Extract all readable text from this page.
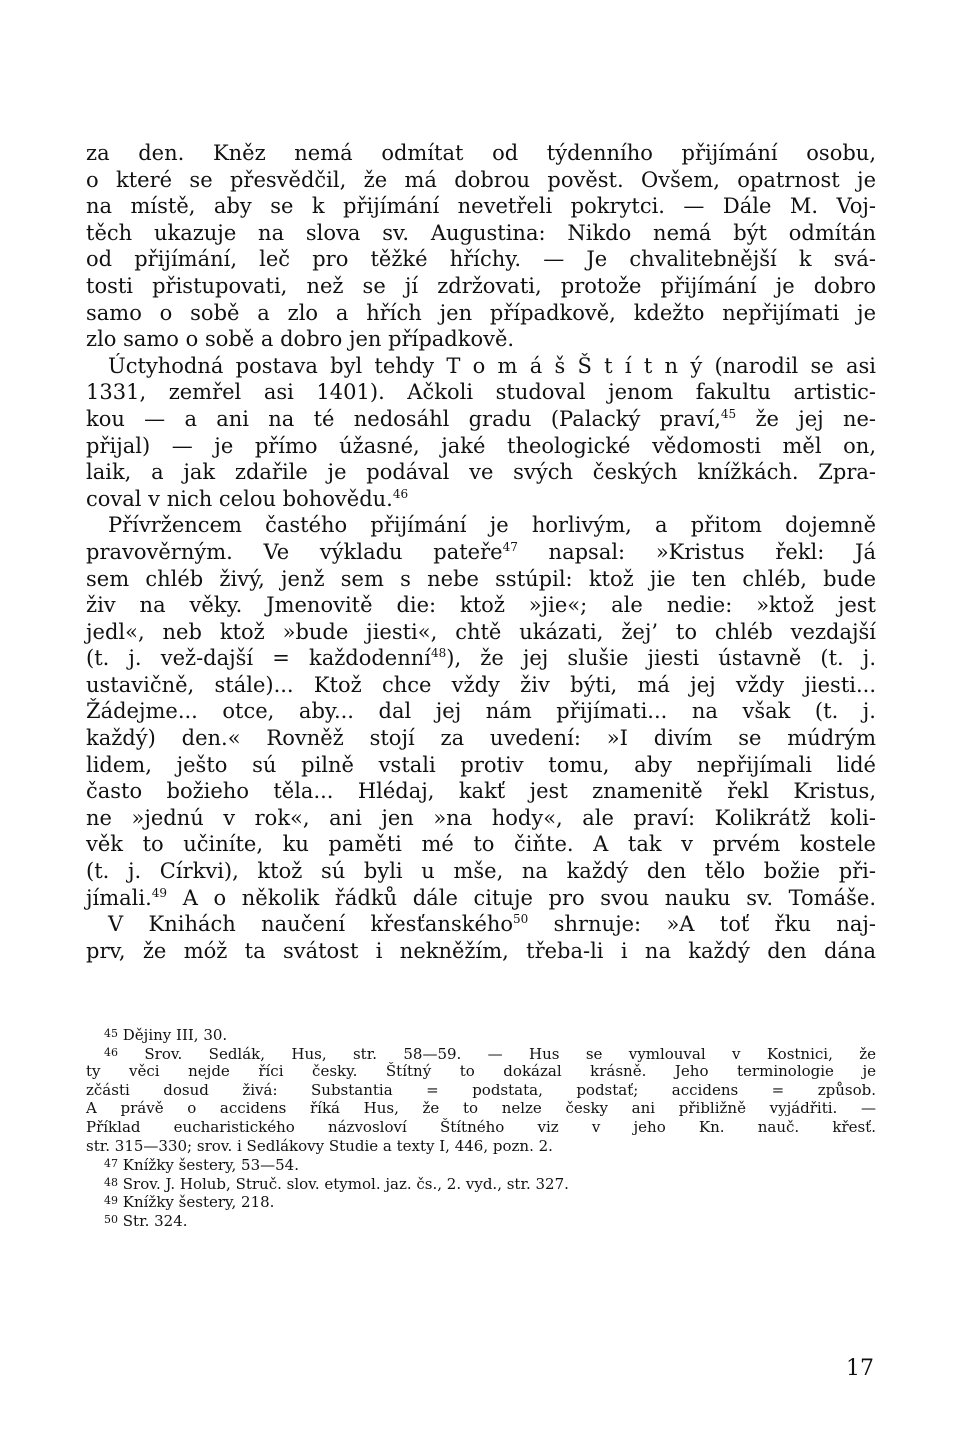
za den. Kněz nemá odmítat od týdenního přijímání osobu,
o které se přesvědčil, že má dobrou pověst. Ovšem, opatrnost je
na místě, aby se k přijímání nevetřeli pokrytci. — Dále M. Voj-
těch ukazuje na slova sv. Augustina: Nikdo nemá být odmítán
od přijímání, leč pro těžké hříchy. — Je chvalitebnější k svá-
tosti přistupovati, než se jí zdržovati, protože přijímání je dobro
samo o sobě a zlo a hřích jen případkově, kdežto nepřijímati je
zlo samo o sobě a dobro jen případkově.
Úctyhodná postava byl tehdy T o m á š Š t í t n ý (narodil se asi
1331, zemřel asi 1401). Ačkoli studoval jenom fakultu artistic-
kou — a ani na té nedosáhl gradu (Palacký praví,$^{45}$ že jej ne-
přijal) — je přímo úžasné, jaké theologické vědomosti měl on,
laik, a jak zdařile je podával ve svých českých knížkách. Zpra-
coval v nich celou bohovědu.$^{46}$
Přívržencem častého přijímání je horlivým, a přitom dojemně
pravověrným. Ve výkladu pateře$^{47}$ napsal: »Kristus řekl: Já
sem chléb živý, jenž sem s nebe sstúpil: ktož jie ten chléb, bude
živ na věky. Jmenovitě die: ktož »jie«; ale nedie: »ktož jest
jedl«, neb ktož »bude jiesti«, chtě ukázati, žej’ to chléb vezdajší
(t. j. vež-dajší = každodenní$^{48}$), že jej slušie jiesti ústavně (t. j.
ustavičně, stále)... Ktož chce vždy živ býti, má jej vždy jiesti...
Žádejme... otce, aby... dal jej nám přijímati... na však (t. j.
každý) den.« Rovněž stojí za uvedení: »I divím se múdrým
lidem, ješto sú pilně vstali protiv tomu, aby nepřijímali lidé
často božieho těla... Hlédaj, kakť jest znamenitě řekl Kristus,
ne »jednú v rok«, ani jen »na hody«, ale praví: Kolikrátž koli-
věk to učiníte, ku paměti mé to čiňte. A tak v prvém kostele
(t. j. Církvi), ktož sú byli u mše, na každý den tělo božie při-
jímali.$^{49}$ A o několik řádků dále cituje pro svou nauku sv. Tomáše.
V Knihách naučení křesťanského$^{50}$ shrnuje: »A toť řku naj-
prv, že móž ta svátost i nekněžím, třeba-li i na každý den dána
$^{45}$ Dějiny III, 30.
$^{46}$ Srov. Sedlák, Hus, str. 58—59. — Hus se vymlouval v Kostnici, že
ty věci nejde říci česky. Štítný to dokázal krásně. Jeho terminologie je
zčásti dosud živá: Substantia = podstata, podstať; accidens = způsob.
A právě o accidens říká Hus, že to nelze česky ani přibližně vyjádřiti. —
Příklad eucharistického názvosloví Štítného viz v jeho Kn. nauč. křesť.
str. 315—330; srov. i Sedlákovy Studie a texty I, 446, pozn. 2.
$^{47}$ Knížky šestery, 53—54.
$^{48}$ Srov. J. Holub, Struč. slov. etymol. jaz. čs., 2. vyd., str. 327.
$^{49}$ Knížky šestery, 218.
$^{50}$ Str. 324.
17
